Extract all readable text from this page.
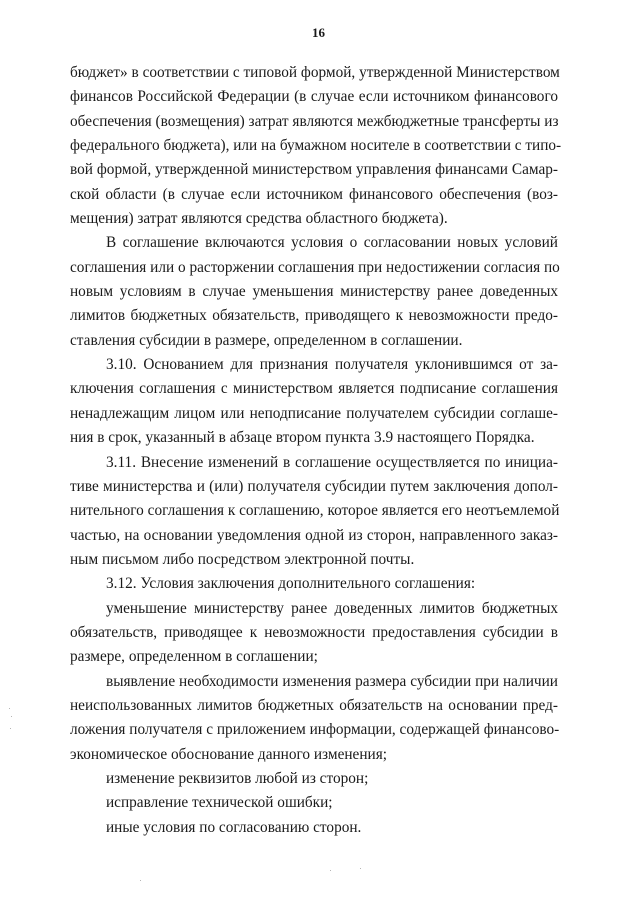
16
бюджет» в соответствии с типовой формой, утвержденной Министерством
финансов Российской Федерации (в случае если источником финансового
обеспечения (возмещения) затрат являются межбюджетные трансферты из
федерального бюджета), или на бумажном носителе в соответствии с типо-
вой формой, утвержденной министерством управления финансами Самар-
ской области (в случае если источником финансового обеспечения (воз-
мещения) затрат являются средства областного бюджета).
В соглашение включаются условия о согласовании новых условий
соглашения или о расторжении соглашения при недостижении согласия по
новым условиям в случае уменьшения министерству ранее доведенных
лимитов бюджетных обязательств, приводящего к невозможности предо-
ставления субсидии в размере, определенном в соглашении.
3.10. Основанием для признания получателя уклонившимся от за-
ключения соглашения с министерством является подписание соглашения
ненадлежащим лицом или неподписание получателем субсидии соглаше-
ния в срок, указанный в абзаце втором пункта 3.9 настоящего Порядка.
3.11. Внесение изменений в соглашение осуществляется по инициа-
тиве министерства и (или) получателя субсидии путем заключения допол-
нительного соглашения к соглашению, которое является его неотъемлемой
частью, на основании уведомления одной из сторон, направленного заказ-
ным письмом либо посредством электронной почты.
3.12. Условия заключения дополнительного соглашения:
уменьшение министерству ранее доведенных лимитов бюджетных
обязательств, приводящее к невозможности предоставления субсидии в
размере, определенном в соглашении;
выявление необходимости изменения размера субсидии при наличии
неиспользованных лимитов бюджетных обязательств на основании пред-
ложения получателя с приложением информации, содержащей финансово-
экономическое обоснование данного изменения;
изменение реквизитов любой из сторон;
исправление технической ошибки;
иные условия по согласованию сторон.
